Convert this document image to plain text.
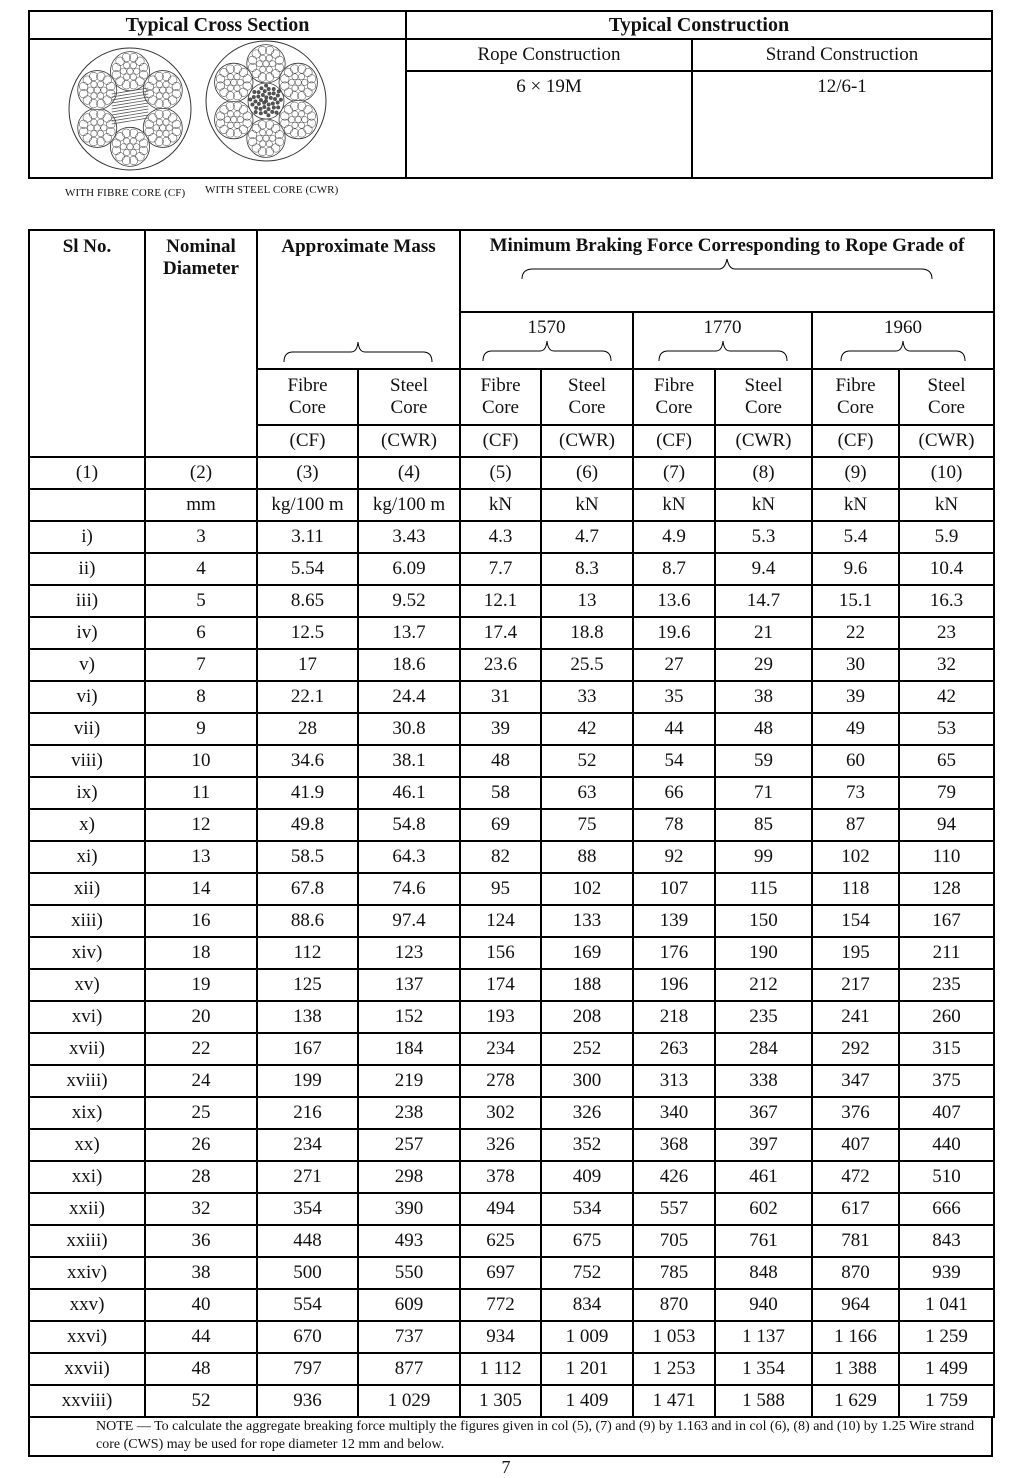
Typical Cross Section
WITH FIBRE CORE (CF) WITH STEEL CORE (CWR)
Typical Construction
Rope Construction	Strand Construction
6 × 19M	12/6-1
Sl No.	Nominal Diameter	Approximate Mass		Minimum Braking Force Corresponding to Rope Grade of					

				1570		1770		1960	

		Fibre Core	Steel Core	Fibre Core	Steel Core	Fibre Core	Steel Core	Fibre Core	Steel Core
		(CF)	(CWR)	(CF)	(CWR)	(CF)	(CWR)	(CF)	(CWR)
(1)	(2)	(3)	(4)	(5)	(6)	(7)	(8)	(9)	(10)
	mm	kg/100 m	kg/100 m	kN	kN	kN	kN	kN	kN
i)	3	3.11	3.43	4.3	4.7	4.9	5.3	5.4	5.9
ii)	4	5.54	6.09	7.7	8.3	8.7	9.4	9.6	10.4
iii)	5	8.65	9.52	12.1	13	13.6	14.7	15.1	16.3
iv)	6	12.5	13.7	17.4	18.8	19.6	21	22	23
v)	7	17	18.6	23.6	25.5	27	29	30	32
vi)	8	22.1	24.4	31	33	35	38	39	42
vii)	9	28	30.8	39	42	44	48	49	53
viii)	10	34.6	38.1	48	52	54	59	60	65
ix)	11	41.9	46.1	58	63	66	71	73	79
x)	12	49.8	54.8	69	75	78	85	87	94
xi)	13	58.5	64.3	82	88	92	99	102	110
xii)	14	67.8	74.6	95	102	107	115	118	128
xiii)	16	88.6	97.4	124	133	139	150	154	167
xiv)	18	112	123	156	169	176	190	195	211
xv)	19	125	137	174	188	196	212	217	235
xvi)	20	138	152	193	208	218	235	241	260
xvii)	22	167	184	234	252	263	284	292	315
xviii)	24	199	219	278	300	313	338	347	375
xix)	25	216	238	302	326	340	367	376	407
xx)	26	234	257	326	352	368	397	407	440
xxi)	28	271	298	378	409	426	461	472	510
xxii)	32	354	390	494	534	557	602	617	666
xxiii)	36	448	493	625	675	705	761	781	843
xxiv)	38	500	550	697	752	785	848	870	939
xxv)	40	554	609	772	834	870	940	964	1 041
xxvi)	44	670	737	934	1 009	1 053	1 137	1 166	1 259
xxvii)	48	797	877	1 112	1 201	1 253	1 354	1 388	1 499
xxviii)	52	936	1 029	1 305	1 409	1 471	1 588	1 629	1 759
NOTE — To calculate the aggregate breaking force multiply the figures given in col (5), (7) and (9) by 1.163 and in col (6), (8) and (10) by 1.25 Wire strand core (CWS) may be used for rope diameter 12 mm and below.
7
